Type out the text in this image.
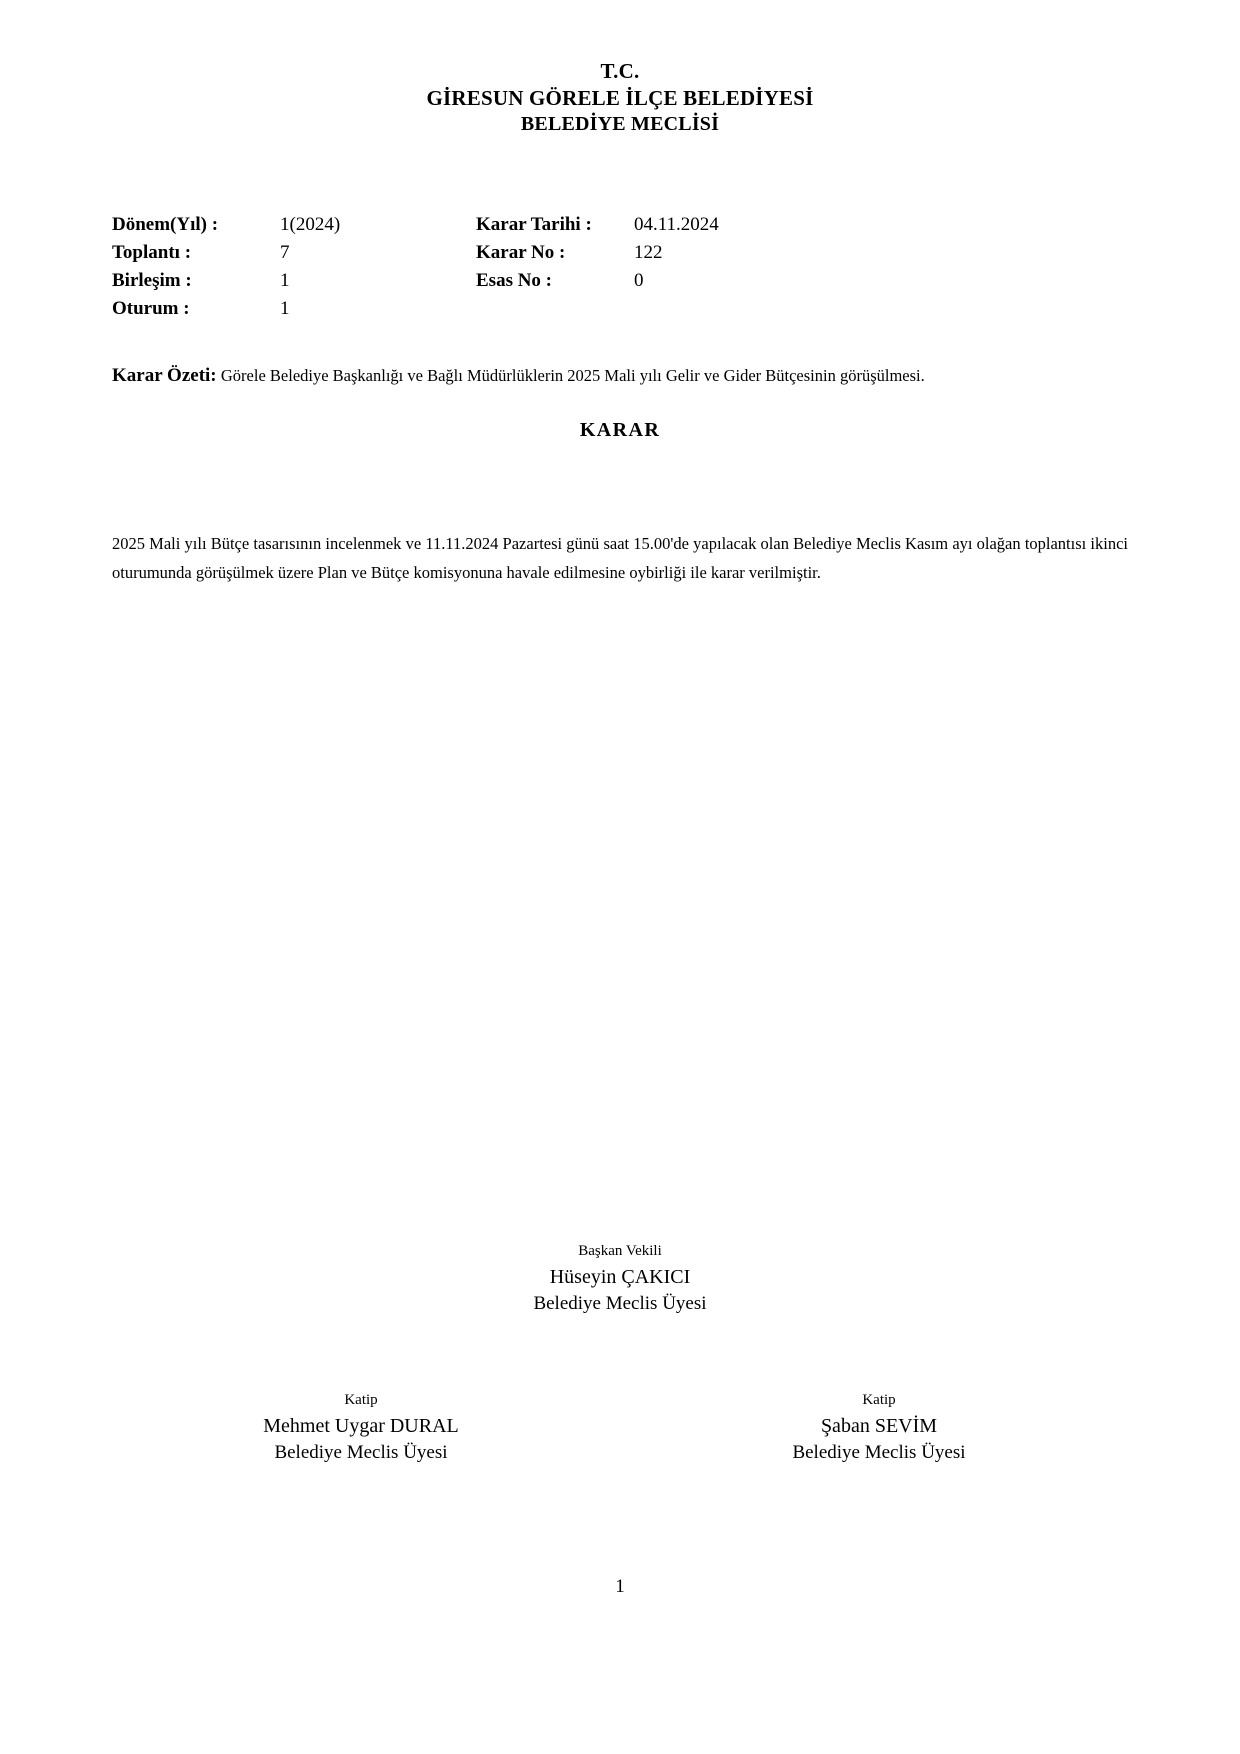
T.C.
GİRESUN GÖRELE İLÇE BELEDİYESİ
BELEDİYE MECLİSİ
Dönem(Yıl) :	1(2024)	Karar Tarihi :	04.11.2024
Toplantı :	7	Karar No :	122
Birleşim :	1	Esas No :	0
Oturum :	1		
Karar Özeti: Görele Belediye Başkanlığı ve Bağlı Müdürlüklerin 2025 Mali yılı Gelir ve Gider Bütçesinin görüşülmesi.
KARAR
2025 Mali yılı Bütçe tasarısının incelenmek ve 11.11.2024 Pazartesi günü saat 15.00'de yapılacak olan Belediye Meclis Kasım ayı olağan toplantısı ikinci oturumunda görüşülmek üzere Plan ve Bütçe komisyonuna havale edilmesine oybirliği ile karar verilmiştir.
Başkan Vekili
Hüseyin ÇAKICI
Belediye Meclis Üyesi
Katip
Mehmet Uygar DURAL
Belediye Meclis Üyesi
Katip
Şaban SEVİM
Belediye Meclis Üyesi
1
